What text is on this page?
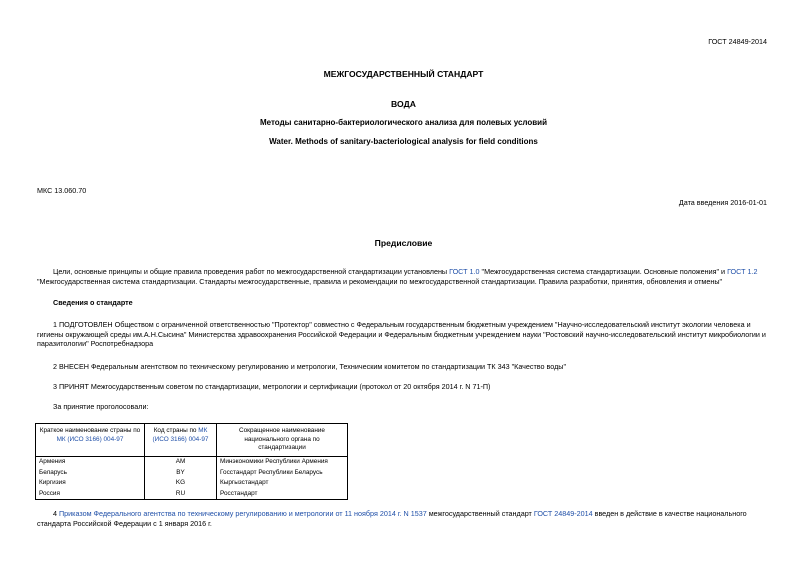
ГОСТ 24849-2014
МЕЖГОСУДАРСТВЕННЫЙ СТАНДАРТ
ВОДА
Методы санитарно-бактериологического анализа для полевых условий
Water. Methods of sanitary-bacteriological analysis for field conditions
МКС 13.060.70
Дата введения 2016-01-01
Предисловие
Цели, основные принципы и общие правила проведения работ по межгосударственной стандартизации установлены ГОСТ 1.0 "Межгосударственная система стандартизации. Основные положения" и ГОСТ 1.2 "Межгосударственная система стандартизации. Стандарты межгосударственные, правила и рекомендации по межгосударственной стандартизации. Правила разработки, принятия, обновления и отмены"
Сведения о стандарте
1 ПОДГОТОВЛЕН Обществом с ограниченной ответственностью "Протектор" совместно с Федеральным государственным бюджетным учреждением "Научно-исследовательский институт экологии человека и гигиены окружающей среды им.А.Н.Сысина" Министерства здравоохранения Российской Федерации и Федеральным бюджетным учреждением науки "Ростовский научно-исследовательский институт микробиологии и паразитологии" Роспотребнадзора
2 ВНЕСЕН Федеральным агентством по техническому регулированию и метрологии, Техническим комитетом по стандартизации ТК 343 "Качество воды"
3 ПРИНЯТ Межгосударственным советом по стандартизации, метрологии и сертификации (протокол от 20 октября 2014 г. N 71-П)
За принятие проголосовали:
Краткое наименование страны по МК (ИСО 3166) 004-97	Код страны по МК (ИСО 3166) 004-97	Сокращенное наименование национального органа по стандартизации
Армения	AM	Минэкономики Республики Армения
Беларусь	BY	Госстандарт Республики Беларусь
Киргизия	KG	Кыргызстандарт
Россия	RU	Росстандарт
4 Приказом Федерального агентства по техническому регулированию и метрологии от 11 ноября 2014 г. N 1537 межгосударственный стандарт ГОСТ 24849-2014 введен в действие в качестве национального стандарта Российской Федерации с 1 января 2016 г.
